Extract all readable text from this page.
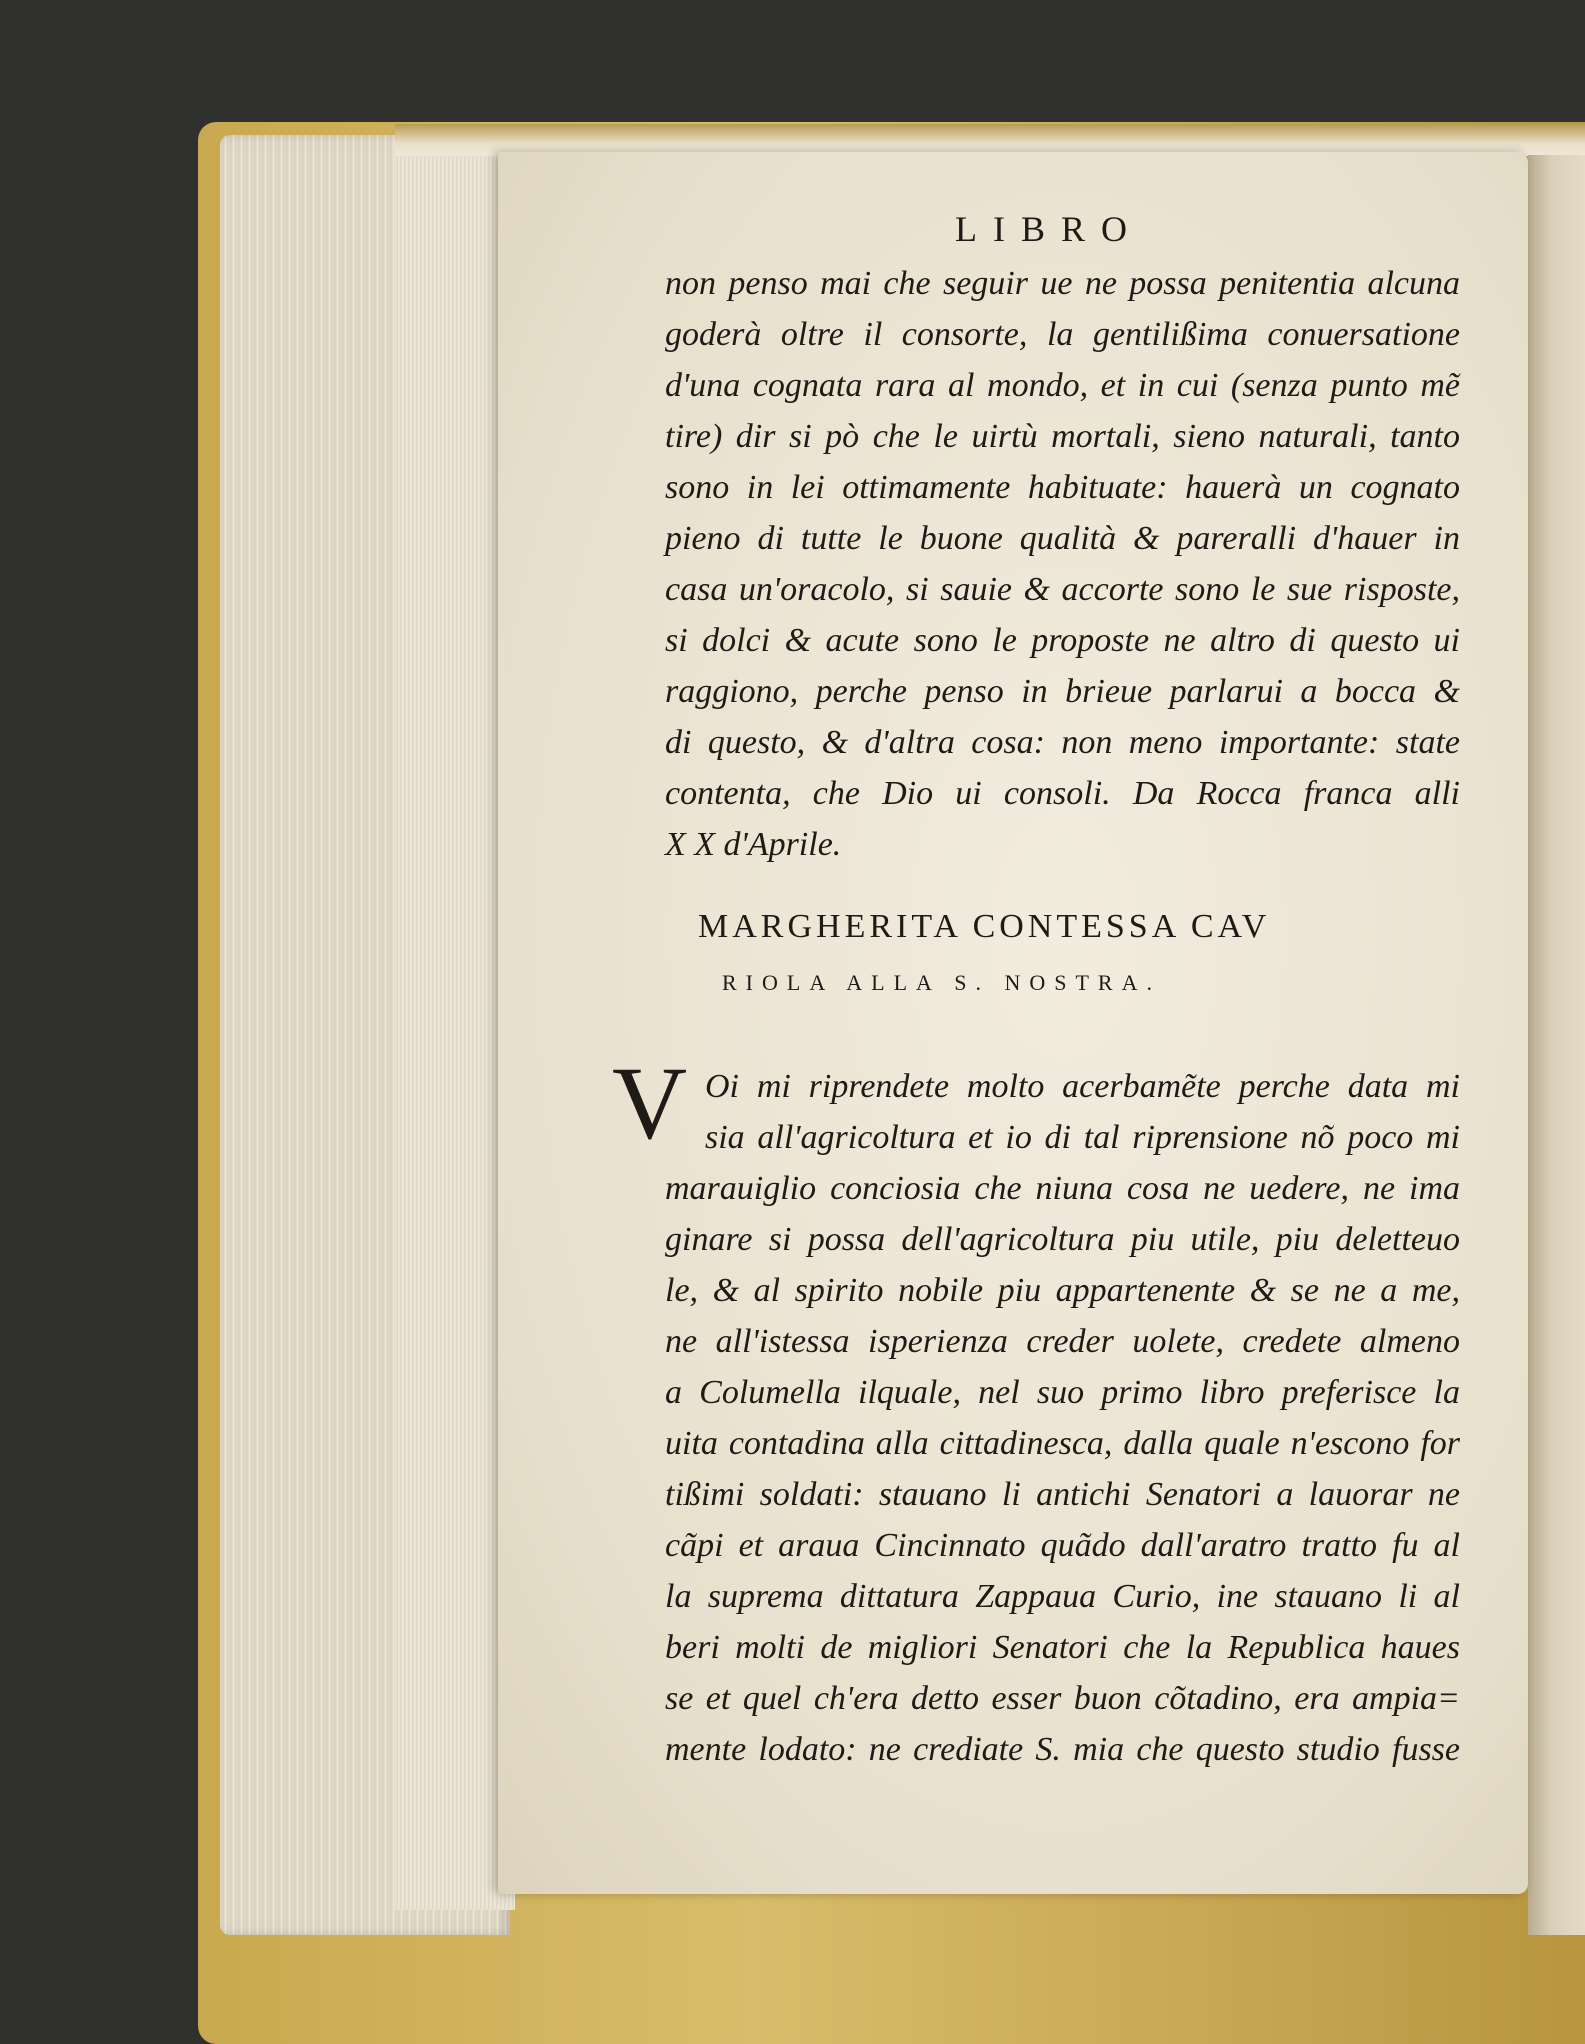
LIBRO
non penso mai che seguir ue ne possa penitentia alcuna
goderà oltre il consorte, la gentilißima conuersatione
d'una cognata rara al mondo, et in cui (senza punto mẽ
tire) dir si pò che le uirtù mortali, sieno naturali, tanto
sono in lei ottimamente habituate: hauerà un cognato
pieno di tutte le buone qualità & pareralli d'hauer in
casa un'oracolo, si sauie & accorte sono le sue risposte,
si dolci & acute sono le proposte ne altro di questo ui
raggiono, perche penso in brieue parlarui a bocca &
di questo, & d'altra cosa: non meno importante: state
contenta, che Dio ui consoli. Da Rocca franca alli
X X d'Aprile.
MARGHERITA CONTESSA CAV
RIOLA ALLA S. NOSTRA.
V Oi mi riprendete molto acerbamẽte perche data mi
sia all'agricoltura et io di tal riprensione nõ poco mi
marauiglio conciosia che niuna cosa ne uedere, ne ima
ginare si possa dell'agricoltura piu utile, piu deletteuo
le, & al spirito nobile piu appartenente & se ne a me,
ne all'istessa isperienza creder uolete, credete almeno
a Columella ilquale, nel suo primo libro preferisce la
uita contadina alla cittadinesca, dalla quale n'escono for
tißimi soldati: stauano li antichi Senatori a lauorar ne
cãpi et araua Cincinnato quãdo dall'aratro tratto fu al
la suprema dittatura Zappaua Curio, ine stauano li al
beri molti de migliori Senatori che la Republica haues
se et quel ch'era detto esser buon cõtadino, era ampia=
mente lodato: ne crediate S. mia che questo studio fusse
